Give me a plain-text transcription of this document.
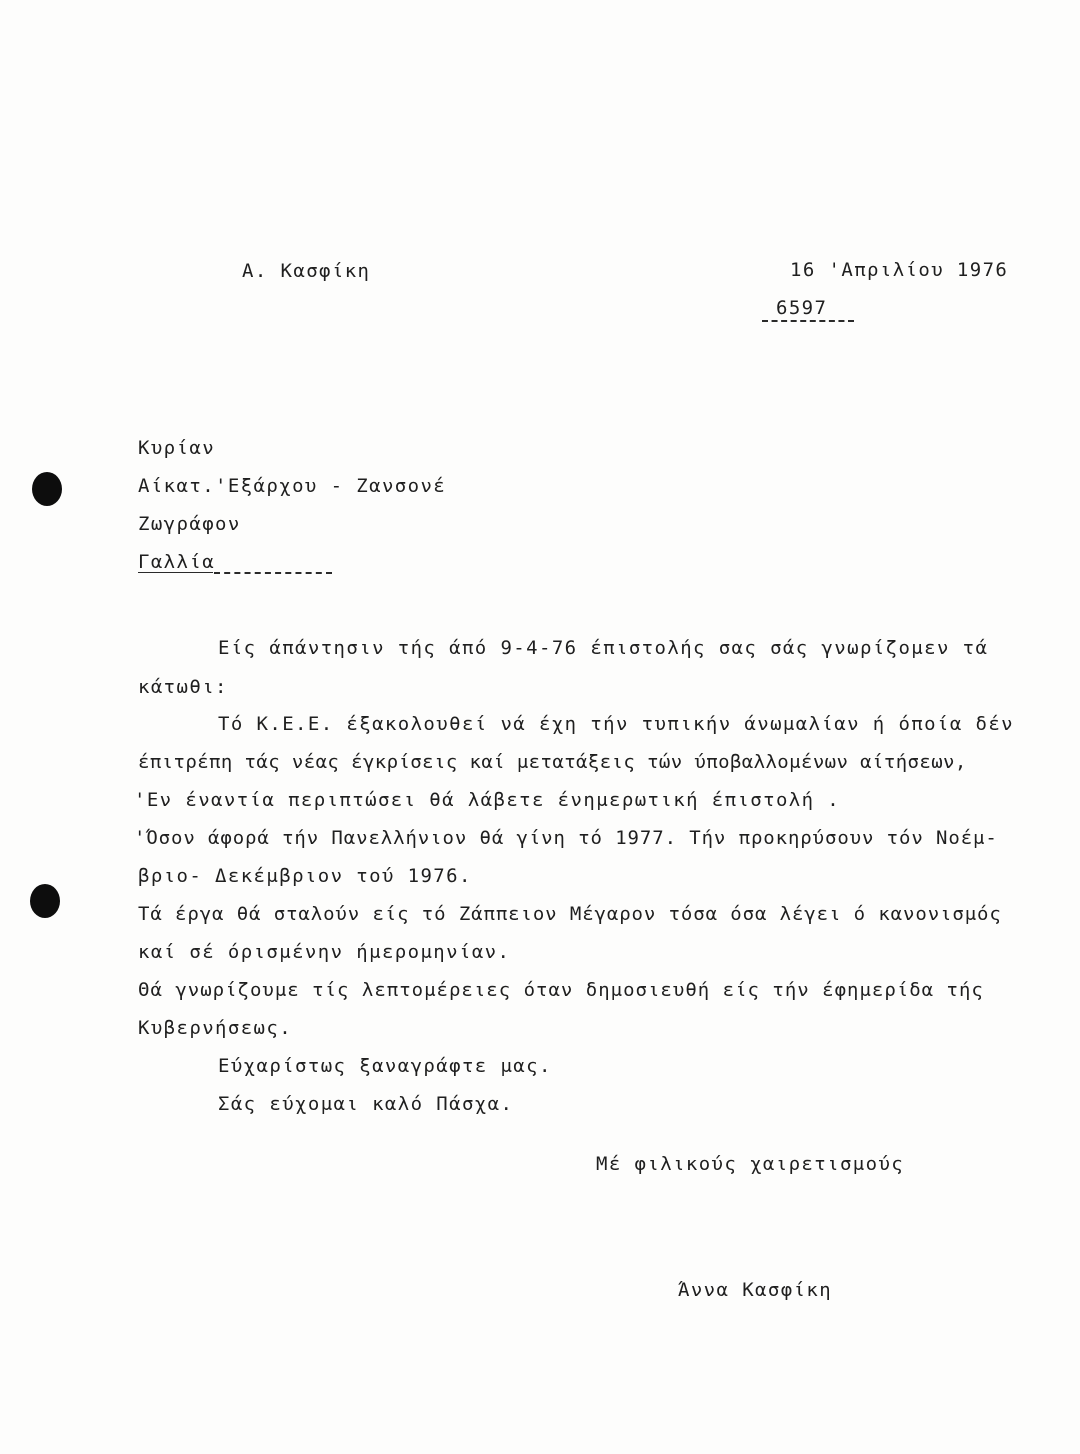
Α. Κασφίκη	16 'Απριλίου 1976
6597
Κυρίαν
Αίκατ.'Εξάρχου - Ζανσονέ
Ζωγράφον
Γαλλία
Είς άπάντησιν τής άπό 9-4-76 έπιστολής σας σάς γνωρίζομεν τά
κάτωθι:
Τό Κ.Ε.Ε. έξακολουθεί νά έχη τήν τυπικήν άνωμαλίαν ή όποία δέν
έπιτρέπη τάς νέας έγκρίσεις καί μετατάξεις τών ύποβαλλομένων αίτήσεων,
'Εν έναντία περιπτώσει θά λάβετε ένημερωτική έπιστολή .
'Όσον άφορά τήν Πανελλήνιον θά γίνη τό 1977. Τήν προκηρύσουν τόν Νοέμ-
βριο- Δεκέμβριον τού 1976.
Τά έργα θά σταλούν είς τό Ζάππειον Μέγαρον τόσα όσα λέγει ό κανονισμός
καί σέ όρισμένην ήμερομηνίαν.
Θά γνωρίζουμε τίς λεπτομέρειες όταν δημοσιευθή είς τήν έφημερίδα τής
Κυβερνήσεως.
Εύχαρίστως ξαναγράφτε μας.
Σάς εύχομαι καλό Πάσχα.
Μέ φιλικούς χαιρετισμούς
Άννα Κασφίκη
